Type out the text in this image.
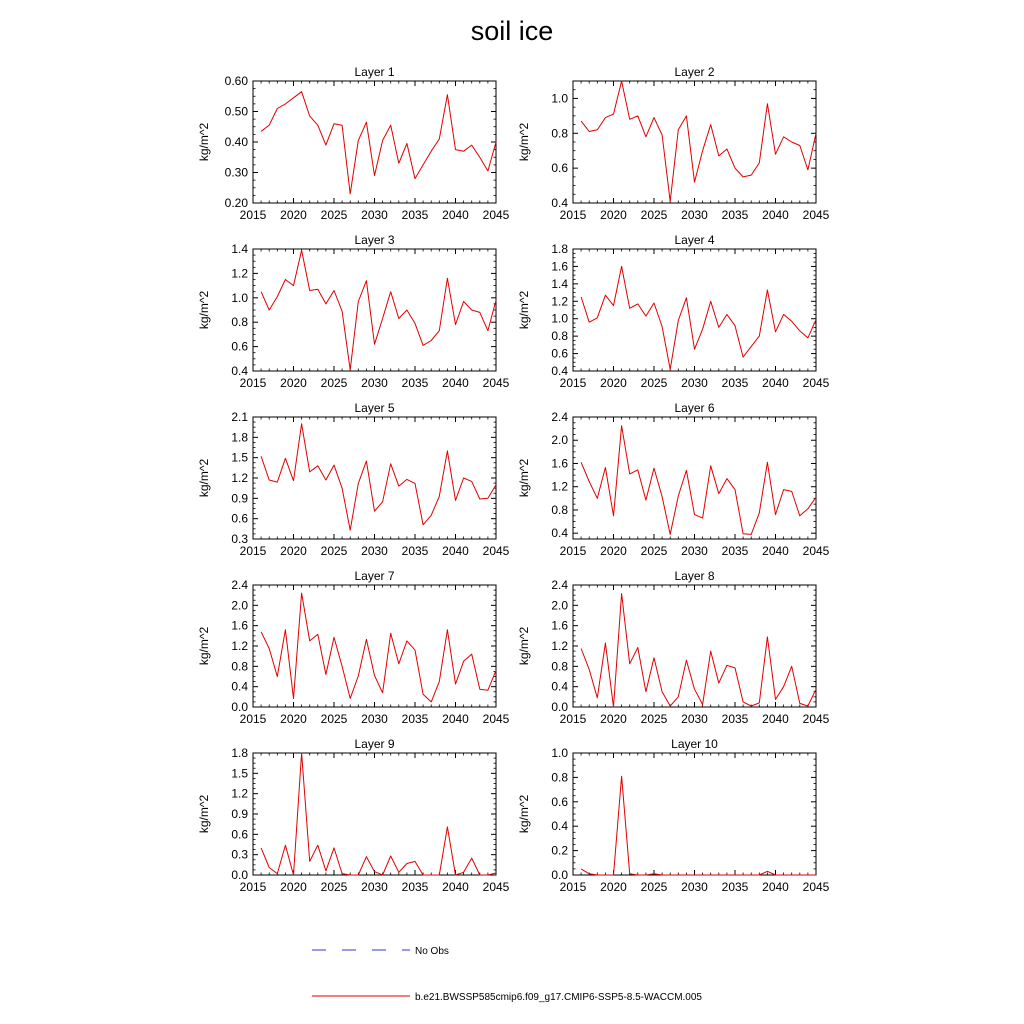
soil ice
Layer 1
kg/m^2
2015 2020 2025 2030 2035 2040 2045
0.20
0.30
0.40
0.50
0.60
Layer 2
kg/m^2
2015 2020 2025 2030 2035 2040 2045
0.4
0.6
0.8
1.0
Layer 3
kg/m^2
2015 2020 2025 2030 2035 2040 2045
0.4
0.6
0.8
1.0
1.2
1.4
Layer 4
kg/m^2
2015 2020 2025 2030 2035 2040 2045
0.4
0.6
0.8
1.0
1.2
1.4
1.6
1.8
Layer 5
kg/m^2
2015 2020 2025 2030 2035 2040 2045
0.3
0.6
0.9
1.2
1.5
1.8
2.1
Layer 6
kg/m^2
2015 2020 2025 2030 2035 2040 2045
0.4
0.8
1.2
1.6
2.0
2.4
Layer 7
kg/m^2
2015 2020 2025 2030 2035 2040 2045
0.0
0.4
0.8
1.2
1.6
2.0
2.4
Layer 8
kg/m^2
2015 2020 2025 2030 2035 2040 2045
0.0
0.4
0.8
1.2
1.6
2.0
2.4
Layer 9
kg/m^2
2015 2020 2025 2030 2035 2040 2045
0.0
0.3
0.6
0.9
1.2
1.5
1.8
Layer 10
kg/m^2
2015 2020 2025 2030 2035 2040 2045
0.0
0.2
0.4
0.6
0.8
1.0
No Obs
b.e21.BWSSP585cmip6.f09_g17.CMIP6-SSP5-8.5-WACCM.005
